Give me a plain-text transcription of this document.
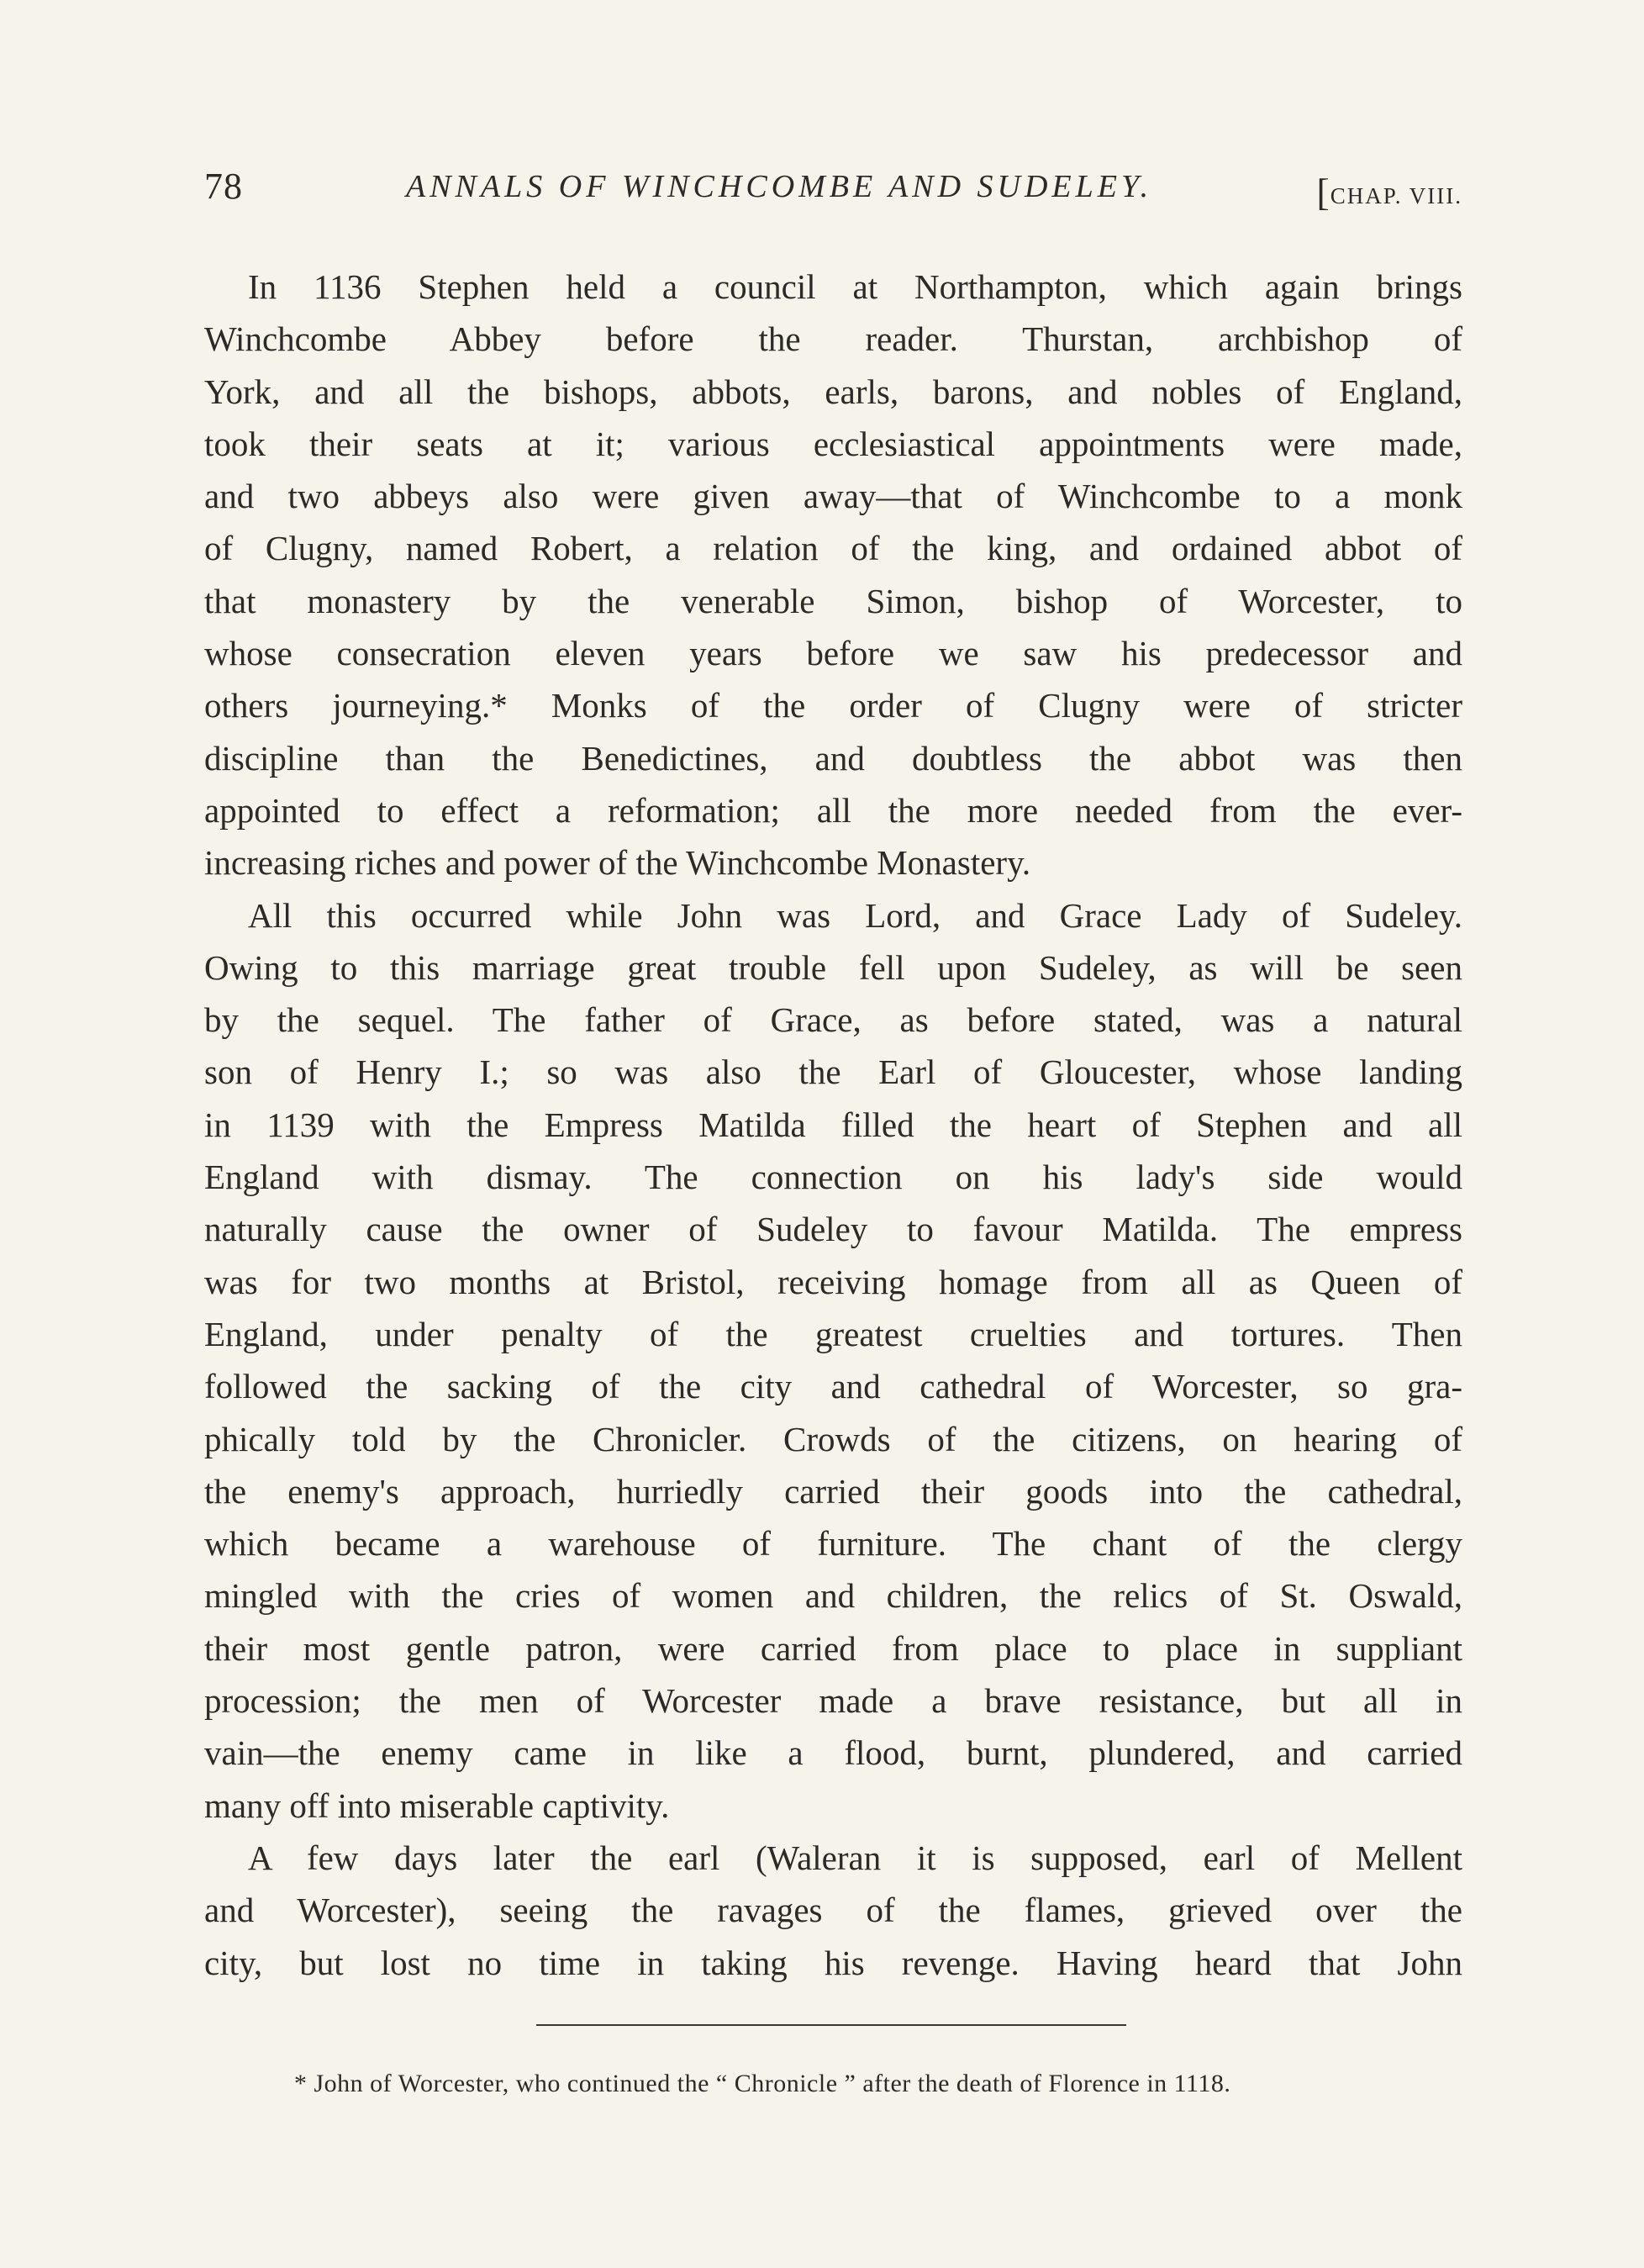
78	ANNALS OF WINCHCOMBE AND SUDELEY.	[CHAP. VIII.
In 1136 Stephen held a council at Northampton, which again brings
Winchcombe Abbey before the reader. Thurstan, archbishop of
York, and all the bishops, abbots, earls, barons, and nobles of England,
took their seats at it; various ecclesiastical appointments were made,
and two abbeys also were given away—that of Winchcombe to a monk
of Clugny, named Robert, a relation of the king, and ordained abbot of
that monastery by the venerable Simon, bishop of Worcester, to
whose consecration eleven years before we saw his predecessor and
others journeying.* Monks of the order of Clugny were of stricter
discipline than the Benedictines, and doubtless the abbot was then
appointed to effect a reformation; all the more needed from the ever-
increasing riches and power of the Winchcombe Monastery.
All this occurred while John was Lord, and Grace Lady of Sudeley.
Owing to this marriage great trouble fell upon Sudeley, as will be seen
by the sequel. The father of Grace, as before stated, was a natural
son of Henry I.; so was also the Earl of Gloucester, whose landing
in 1139 with the Empress Matilda filled the heart of Stephen and all
England with dismay. The connection on his lady's side would
naturally cause the owner of Sudeley to favour Matilda. The empress
was for two months at Bristol, receiving homage from all as Queen of
England, under penalty of the greatest cruelties and tortures. Then
followed the sacking of the city and cathedral of Worcester, so gra-
phically told by the Chronicler. Crowds of the citizens, on hearing of
the enemy's approach, hurriedly carried their goods into the cathedral,
which became a warehouse of furniture. The chant of the clergy
mingled with the cries of women and children, the relics of St. Oswald,
their most gentle patron, were carried from place to place in suppliant
procession; the men of Worcester made a brave resistance, but all in
vain—the enemy came in like a flood, burnt, plundered, and carried
many off into miserable captivity.
A few days later the earl (Waleran it is supposed, earl of Mellent
and Worcester), seeing the ravages of the flames, grieved over the
city, but lost no time in taking his revenge. Having heard that John
* John of Worcester, who continued the “ Chronicle ” after the death of Florence in 1118.
